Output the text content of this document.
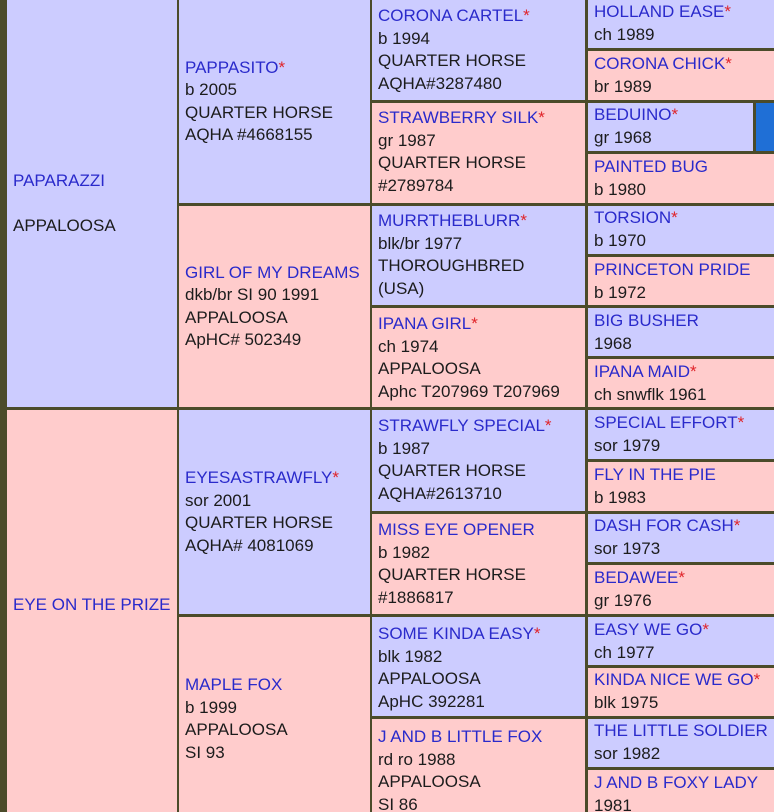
PAPARAZZI
APPALOOSA
EYE ON THE PRIZE
PAPPASITO*
b 2005
QUARTER HORSE
AQHA #4668155
GIRL OF MY DREAMS
dkb/br SI 90 1991
APPALOOSA
ApHC# 502349
EYESASTRAWFLY*
sor 2001
QUARTER HORSE
AQHA# 4081069
MAPLE FOX
b 1999
APPALOOSA
SI 93
CORONA CARTEL*
b 1994
QUARTER HORSE
AQHA#3287480
STRAWBERRY SILK*
gr 1987
QUARTER HORSE
#2789784
MURRTHEBLURR*
blk/br 1977
THOROUGHBRED
(USA)
IPANA GIRL*
ch 1974
APPALOOSA
Aphc T207969 T207969
STRAWFLY SPECIAL*
b 1987
QUARTER HORSE
AQHA#2613710
MISS EYE OPENER
b 1982
QUARTER HORSE
#1886817
SOME KINDA EASY*
blk 1982
APPALOOSA
ApHC 392281
J AND B LITTLE FOX
rd ro 1988
APPALOOSA
SI 86
HOLLAND EASE*
ch 1989
CORONA CHICK*
br 1989
BEDUINO*
gr 1968
PAINTED BUG
b 1980
TORSION*
b 1970
PRINCETON PRIDE
b 1972
BIG BUSHER
1968
IPANA MAID*
ch snwflk 1961
SPECIAL EFFORT*
sor 1979
FLY IN THE PIE
b 1983
DASH FOR CASH*
sor 1973
BEDAWEE*
gr 1976
EASY WE GO*
ch 1977
KINDA NICE WE GO*
blk 1975
THE LITTLE SOLDIER
sor 1982
J AND B FOXY LADY
1981
